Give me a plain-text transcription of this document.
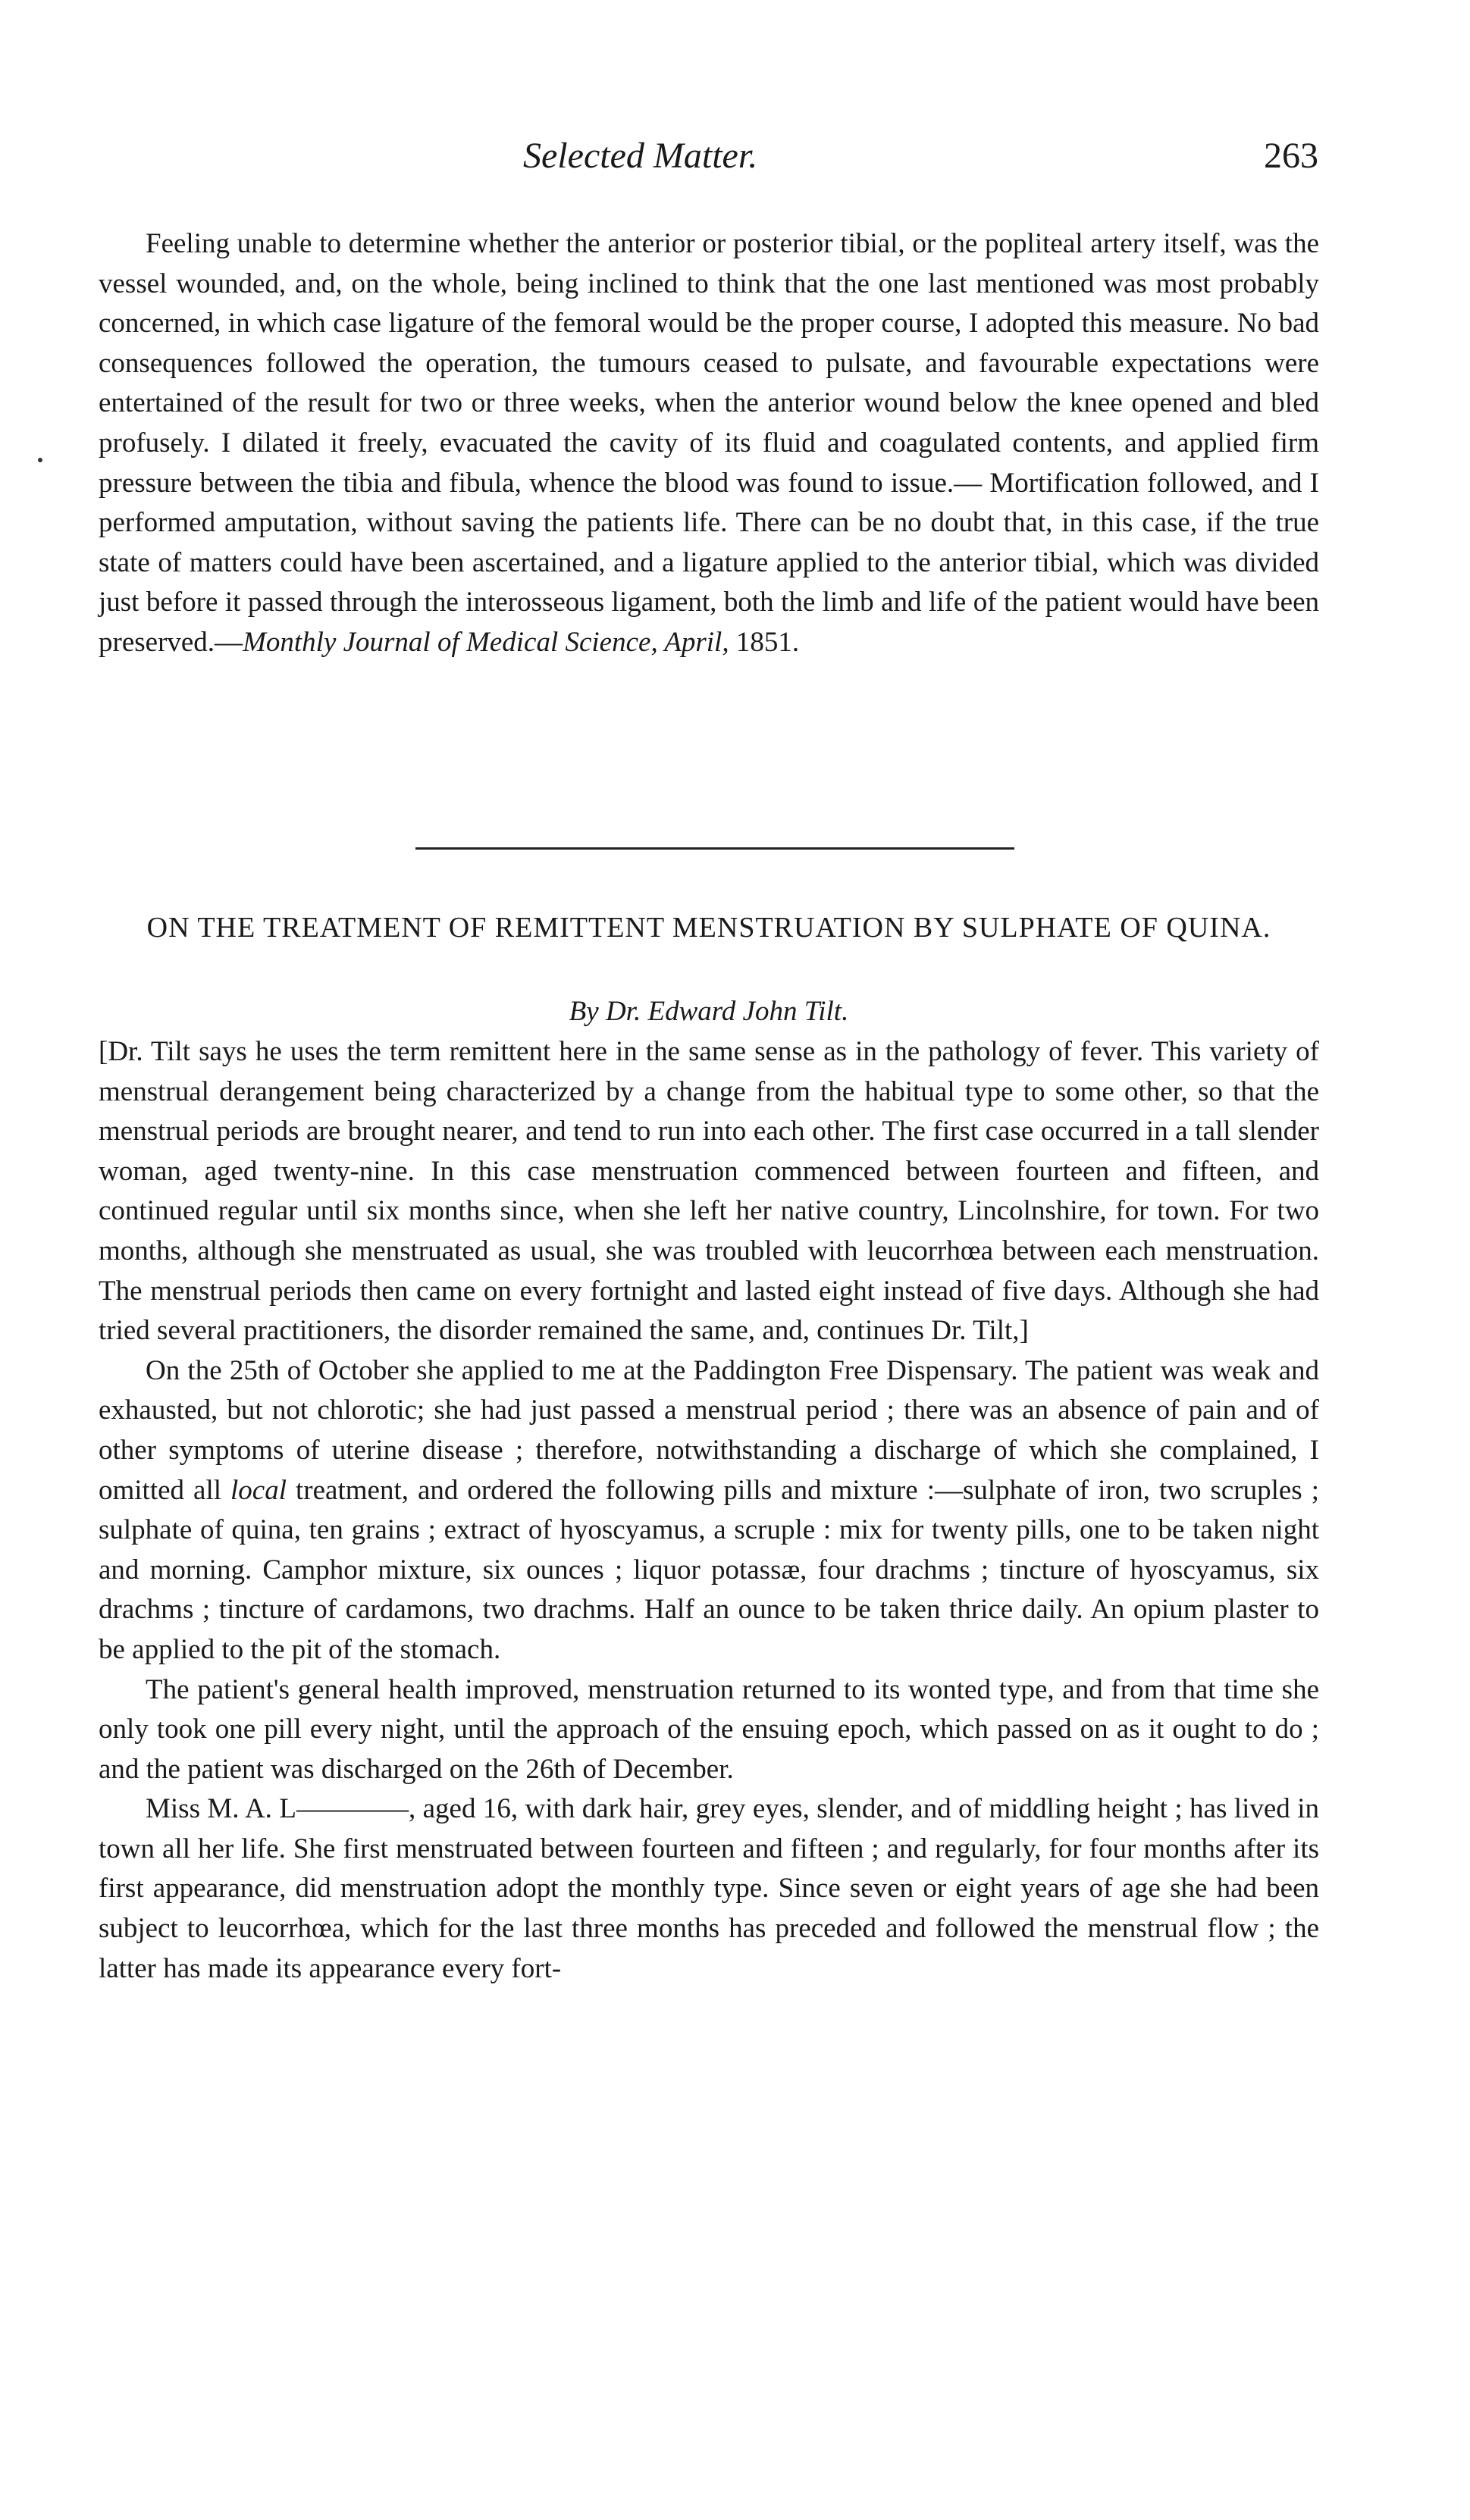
Selected Matter.	263

Feeling unable to determine whether the anterior or posterior tibial, or the popliteal artery itself, was the vessel wounded, and, on the whole, being inclined to think that the one last mentioned was most probably concerned, in which case ligature of the femoral would be the proper course, I adopted this measure. No bad consequences followed the operation, the tumours ceased to pulsate, and favourable expectations were entertained of the result for two or three weeks, when the anterior wound below the knee opened and bled profusely. I dilated it freely, evacuated the cavity of its fluid and coagulated contents, and applied firm pressure between the tibia and fibula, whence the blood was found to issue.— Mortification followed, and I performed amputation, without saving the patients life. There can be no doubt that, in this case, if the true state of matters could have been ascertained, and a ligature applied to the anterior tibial, which was divided just before it passed through the interosseous ligament, both the limb and life of the patient would have been preserved.—Monthly Journal of Medical Science, April, 1851.

ON THE TREATMENT OF REMITTENT MENSTRUATION BY SULPHATE OF QUINA.
By Dr. Edward John Tilt.

[Dr. Tilt says he uses the term remittent here in the same sense as in the pathology of fever. This variety of menstrual derangement being characterized by a change from the habitual type to some other, so that the menstrual periods are brought nearer, and tend to run into each other. The first case occurred in a tall slender woman, aged twenty-nine. In this case menstruation commenced between fourteen and fifteen, and continued regular until six months since, when she left her native country, Lincolnshire, for town. For two months, although she menstruated as usual, she was troubled with leucorrhœa between each menstruation. The menstrual periods then came on every fortnight and lasted eight instead of five days. Although she had tried several practitioners, the disorder remained the same, and, continues Dr. Tilt,]

On the 25th of October she applied to me at the Paddington Free Dispensary. The patient was weak and exhausted, but not chlorotic; she had just passed a menstrual period ; there was an absence of pain and of other symptoms of uterine disease ; therefore, notwithstanding a discharge of which she complained, I omitted all local treatment, and ordered the following pills and mixture :—sulphate of iron, two scruples ; sulphate of quina, ten grains ; extract of hyoscyamus, a scruple : mix for twenty pills, one to be taken night and morning. Camphor mixture, six ounces ; liquor potassæ, four drachms ; tincture of hyoscyamus, six drachms ; tincture of cardamons, two drachms. Half an ounce to be taken thrice daily. An opium plaster to be applied to the pit of the stomach.

The patient's general health improved, menstruation returned to its wonted type, and from that time she only took one pill every night, until the approach of the ensuing epoch, which passed on as it ought to do ; and the patient was discharged on the 26th of December.

Miss M. A. L————, aged 16, with dark hair, grey eyes, slender, and of middling height ; has lived in town all her life. She first menstruated between fourteen and fifteen ; and regularly, for four months after its first appearance, did menstruation adopt the monthly type. Since seven or eight years of age she had been subject to leucorrhœa, which for the last three months has preceded and followed the menstrual flow ; the latter has made its appearance every fort-
